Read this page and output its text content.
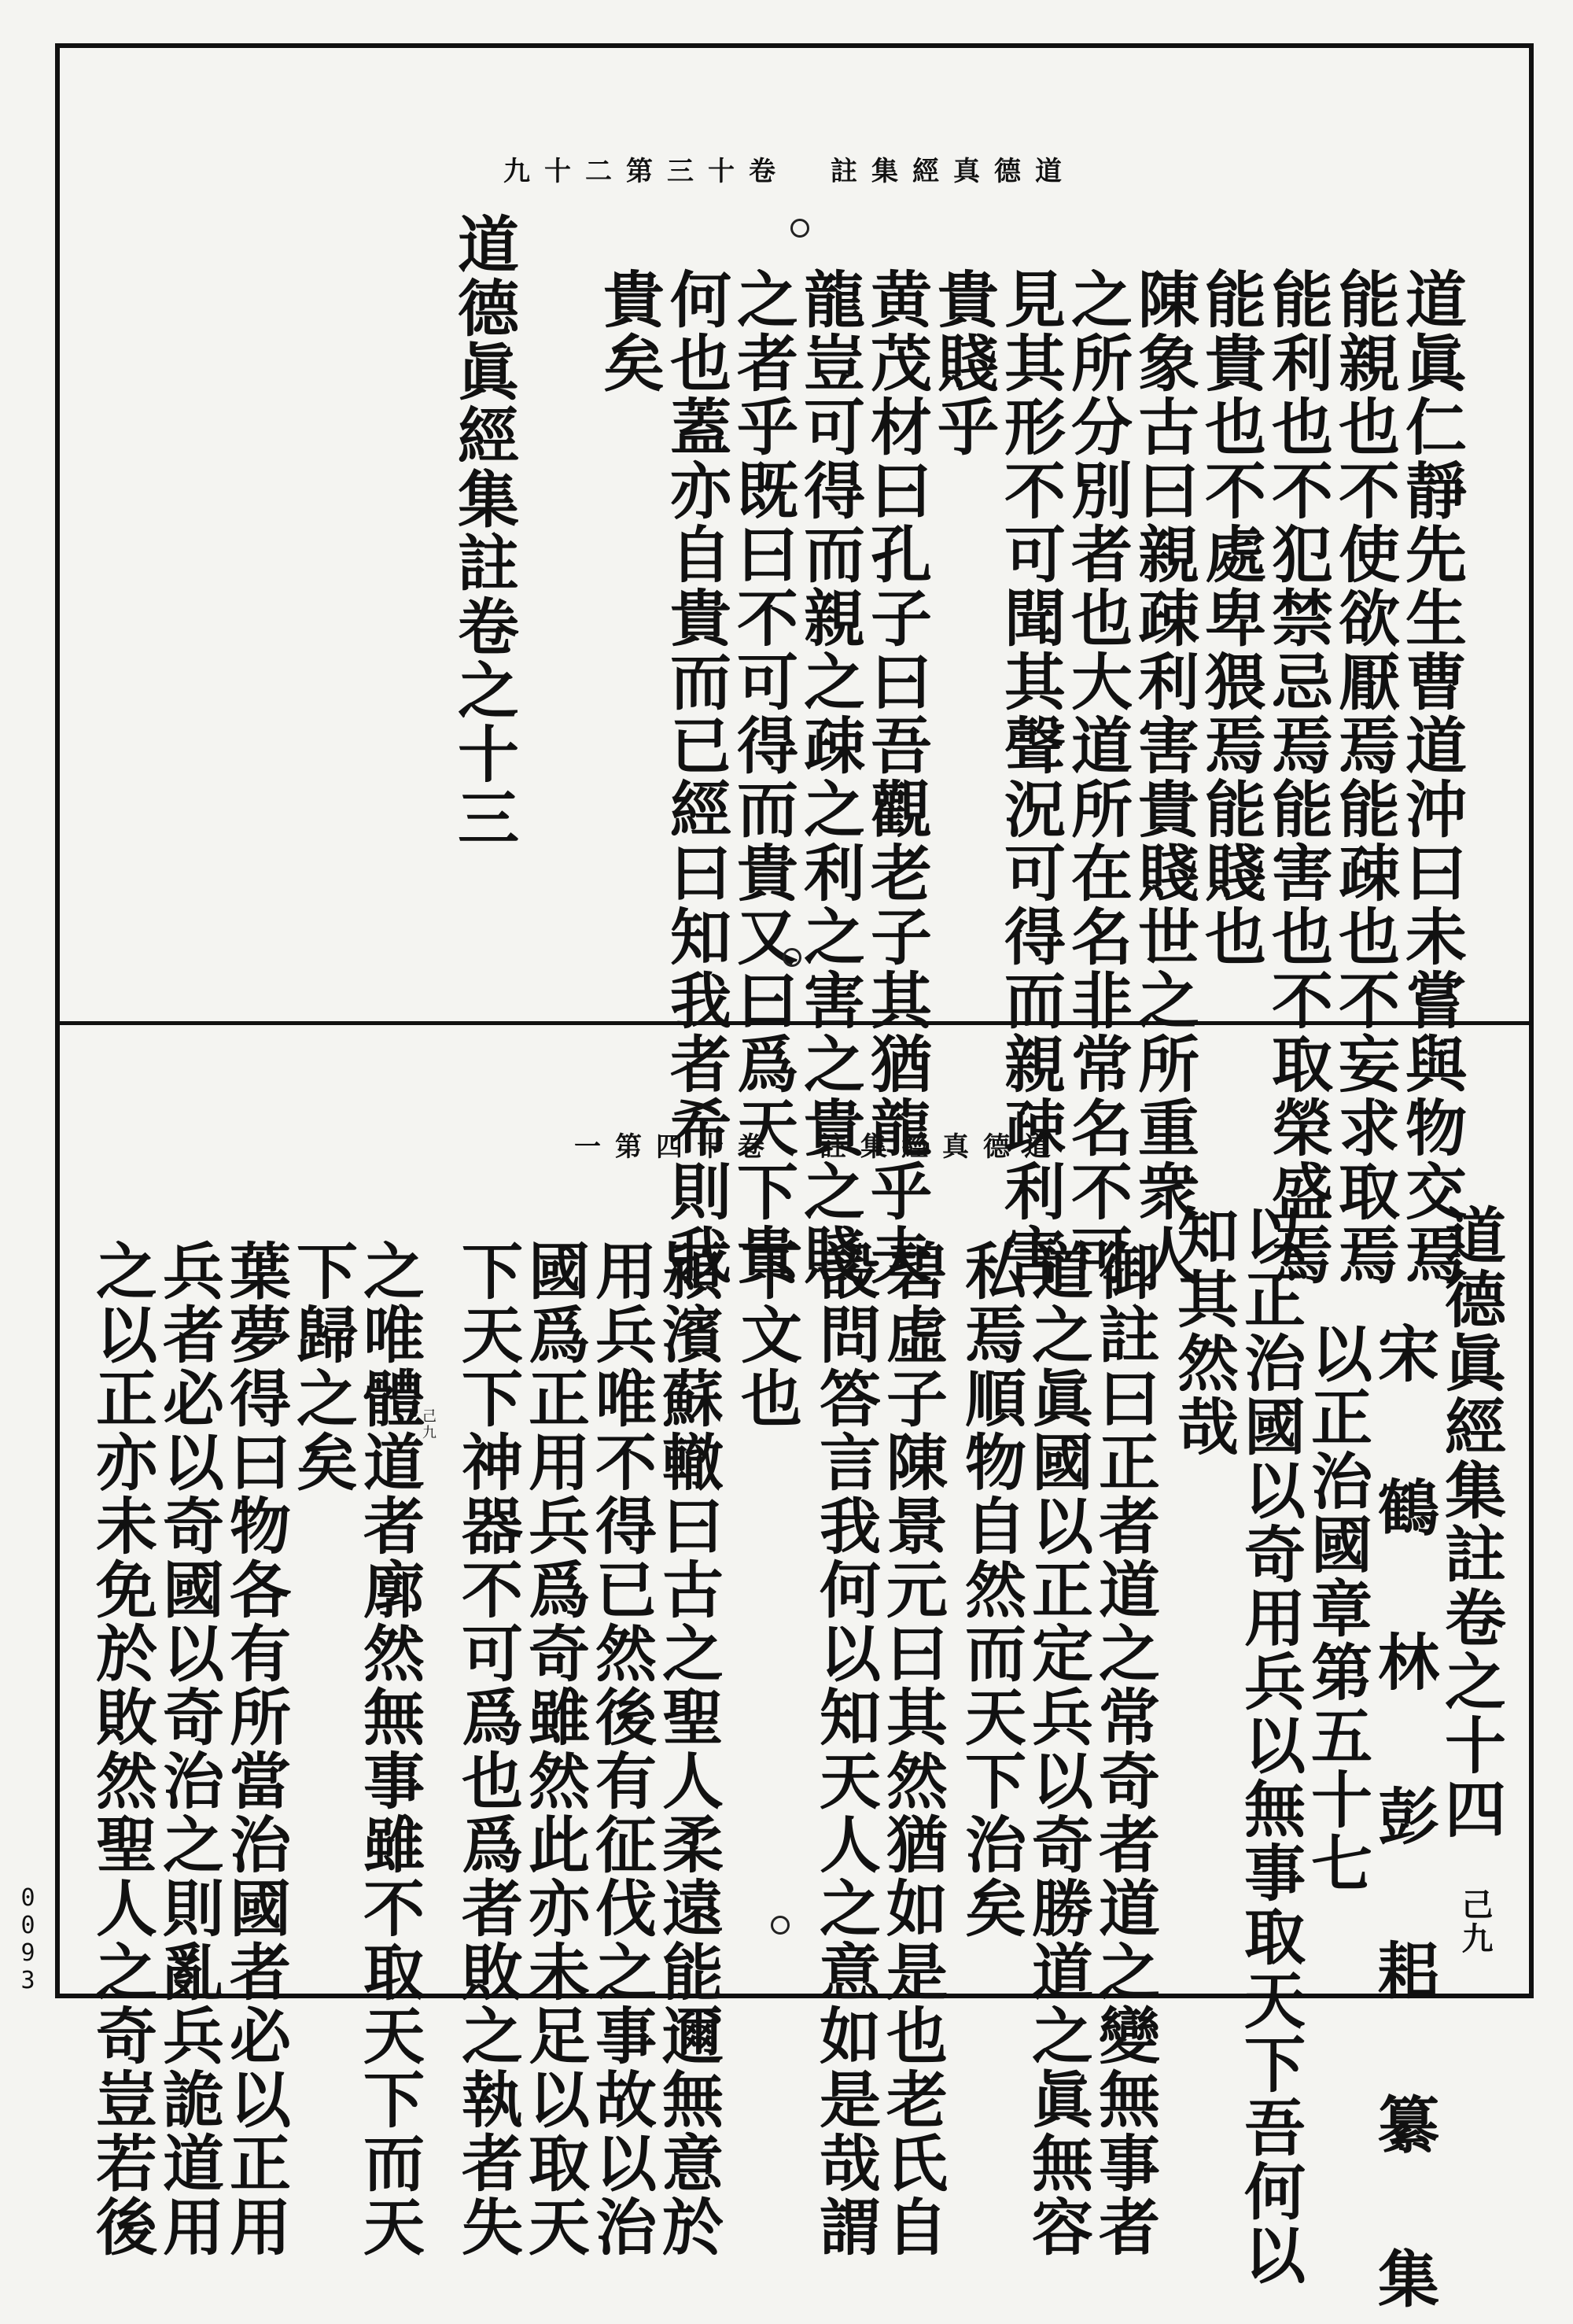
九十二第三十卷　註集經真德道
道眞仁靜先生曹道沖曰未嘗與物交焉
能親也不使欲厭焉能疎也不妄求取焉
能利也不犯禁忌焉能害也不取榮盛焉
能貴也不處卑猥焉能賤也
陳象古曰親疎利害貴賤世之所重衆人
之所分別者也大道所在名非常名不可
見其形不可聞其聲況可得而親疎利害
貴賤乎
黄茂材曰孔子曰吾觀老子其猶龍乎夫
龍豈可得而親之疎之利之害之貴之賤
之者乎既曰不可得而貴又曰爲天下貴
何也蓋亦自貴而已經曰知我者希則我
貴矣
道德眞經集註卷之十三
一第四十卷　註集經真德道
道德眞經集註卷之十四
宋　鶴　林　彭　耜　纂　集
以正治國章第五十七
以正治國以奇用兵以無事取天下吾何以
知其然哉
御註曰正者道之常奇者道之變無事者
道之眞國以正定兵以奇勝道之眞無容
私焉順物自然而天下治矣
碧虛子陳景元曰其然猶如是也老氏自
設問答言我何以知天人之意如是哉謂
下文也
潁濱蘇轍曰古之聖人柔遠能邇無意於
用兵唯不得已然後有征伐之事故以治
國爲正用兵爲奇雖然此亦未足以取天
下天下神器不可爲也爲者敗之執者失
之唯體道者廓然無事雖不取天下而天
下歸之矣
葉夢得曰物各有所當治國者必以正用
兵者必以奇國以奇治之則亂兵詭道用
之以正亦未免於敗然聖人之奇豈若後	己九
己九
0093
